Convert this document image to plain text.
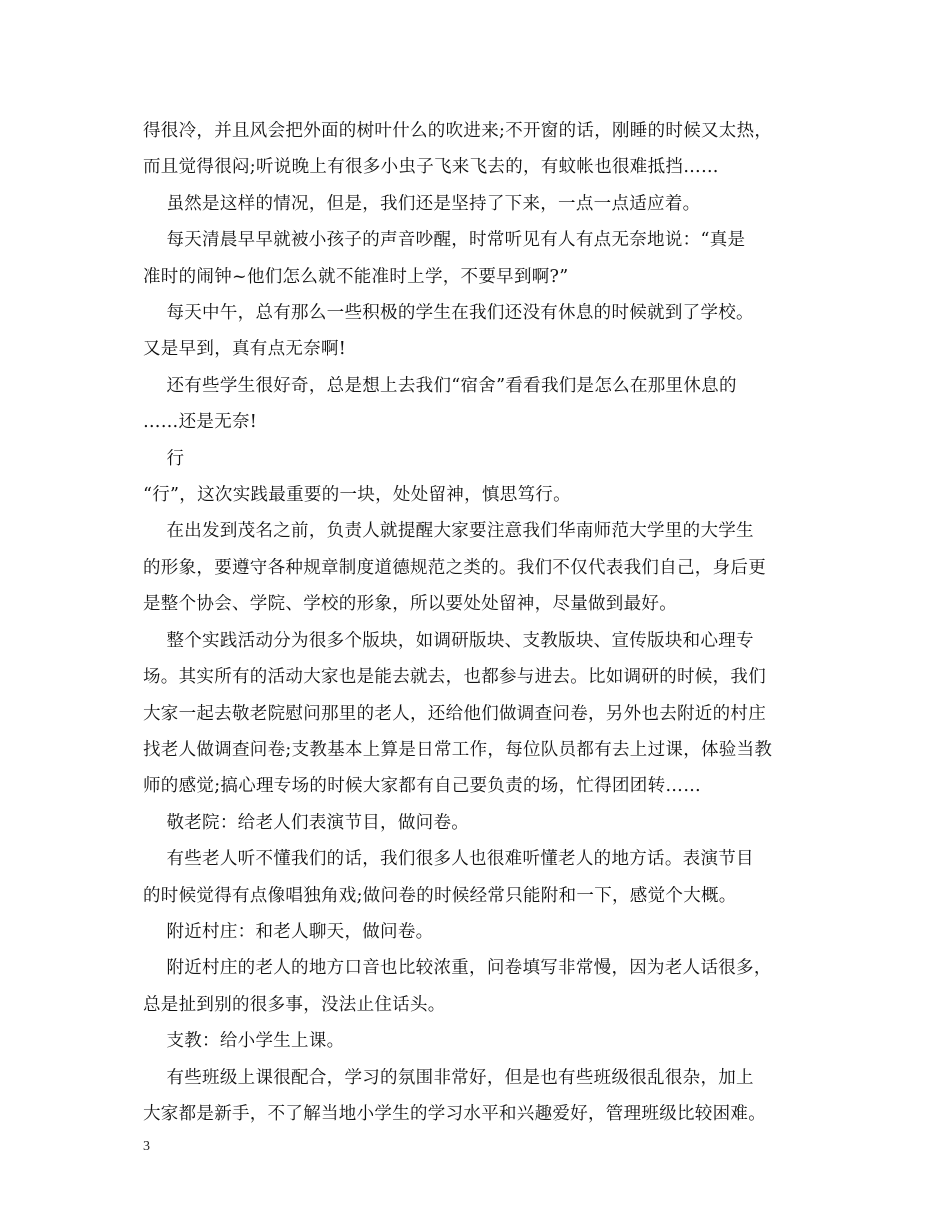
得很冷，并且风会把外面的树叶什么的吹进来;不开窗的话，刚睡的时候又太热，

而且觉得很闷;听说晚上有很多小虫子飞来飞去的，有蚊帐也很难抵挡……

虽然是这样的情况，但是，我们还是坚持了下来，一点一点适应着。

每天清晨早早就被小孩子的声音吵醒，时常听见有人有点无奈地说：“真是

准时的闹钟~他们怎么就不能准时上学，不要早到啊?”

每天中午，总有那么一些积极的学生在我们还没有休息的时候就到了学校。

又是早到，真有点无奈啊!

还有些学生很好奇，总是想上去我们“宿舍”看看我们是怎么在那里休息的

……还是无奈!

行

“行”，这次实践最重要的一块，处处留神，慎思笃行。

在出发到茂名之前，负责人就提醒大家要注意我们华南师范大学里的大学生

的形象，要遵守各种规章制度道德规范之类的。我们不仅代表我们自己，身后更

是整个协会、学院、学校的形象，所以要处处留神，尽量做到最好。

整个实践活动分为很多个版块，如调研版块、支教版块、宣传版块和心理专

场。其实所有的活动大家也是能去就去，也都参与进去。比如调研的时候，我们

大家一起去敬老院慰问那里的老人，还给他们做调查问卷，另外也去附近的村庄

找老人做调查问卷;支教基本上算是日常工作，每位队员都有去上过课，体验当教

师的感觉;搞心理专场的时候大家都有自己要负责的场，忙得团团转……

敬老院：给老人们表演节目，做问卷。

有些老人听不懂我们的话，我们很多人也很难听懂老人的地方话。表演节目

的时候觉得有点像唱独角戏;做问卷的时候经常只能附和一下，感觉个大概。

附近村庄：和老人聊天，做问卷。

附近村庄的老人的地方口音也比较浓重，问卷填写非常慢，因为老人话很多，

总是扯到别的很多事，没法止住话头。

支教：给小学生上课。

有些班级上课很配合，学习的氛围非常好，但是也有些班级很乱很杂，加上

大家都是新手，不了解当地小学生的学习水平和兴趣爱好，管理班级比较困难。

3
